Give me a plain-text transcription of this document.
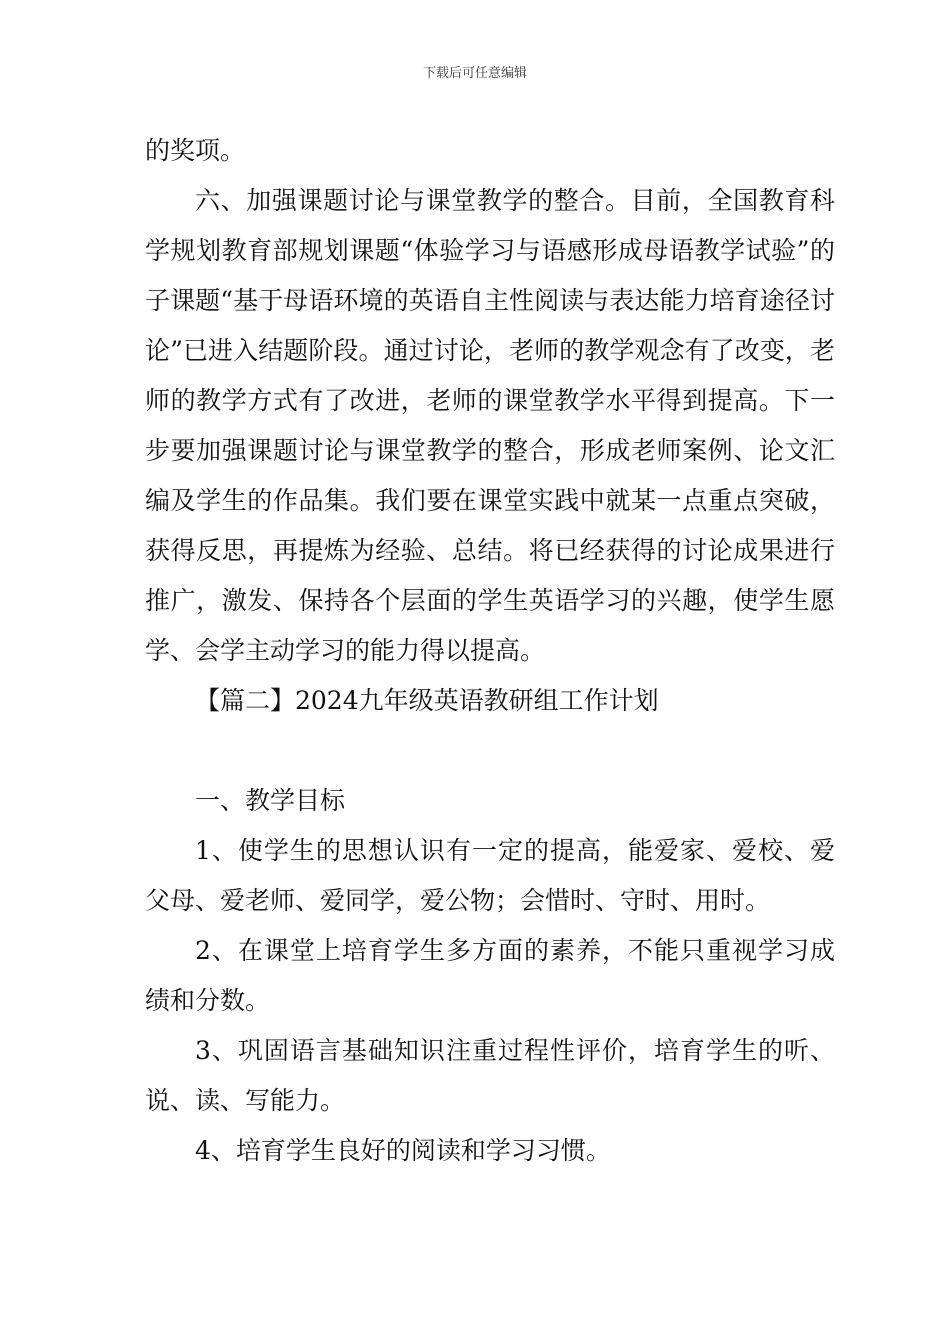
下载后可任意编辑

的奖项。

六、加强课题讨论与课堂教学的整合。目前，全国教育科学规划教育部规划课题“体验学习与语感形成母语教学试验”的子课题“基于母语环境的英语自主性阅读与表达能力培育途径讨论”已进入结题阶段。通过讨论，老师的教学观念有了改变，老师的教学方式有了改进，老师的课堂教学水平得到提高。下一步要加强课题讨论与课堂教学的整合，形成老师案例、论文汇编及学生的作品集。我们要在课堂实践中就某一点重点突破，获得反思，再提炼为经验、总结。将已经获得的讨论成果进行推广，激发、保持各个层面的学生英语学习的兴趣，使学生愿学、会学主动学习的能力得以提高。

【篇二】2024九年级英语教研组工作计划

一、教学目标

1、使学生的思想认识有一定的提高，能爱家、爱校、爱父母、爱老师、爱同学，爱公物；会惜时、守时、用时。

2、在课堂上培育学生多方面的素养，不能只重视学习成绩和分数。

3、巩固语言基础知识注重过程性评价，培育学生的听、说、读、写能力。

4、培育学生良好的阅读和学习习惯。
